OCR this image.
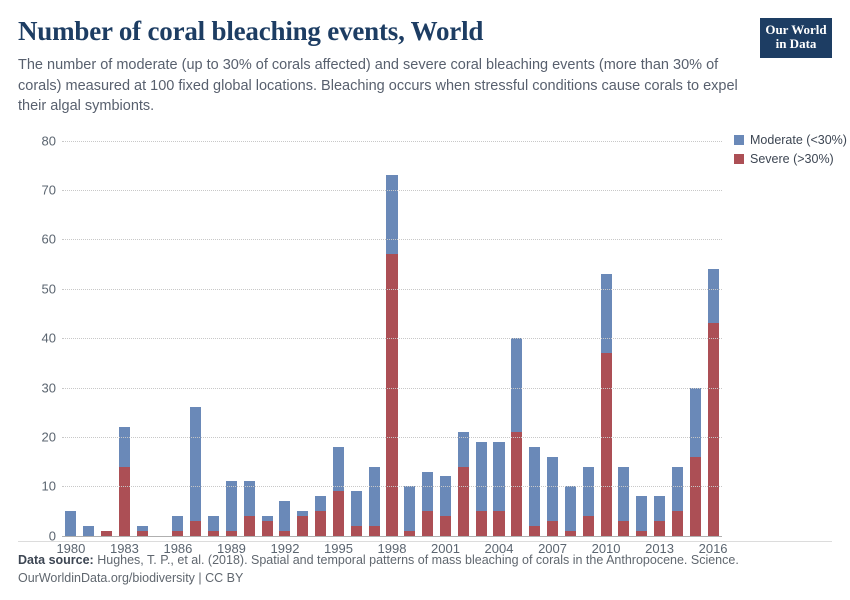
Number of coral bleaching events, World

The number of moderate (up to 30% of corals affected) and severe coral bleaching events (more than 30% of corals) measured at 100 fixed global locations. Bleaching occurs when stressful conditions cause corals to expel their algal symbionts.

Our World
in Data
0
10
20
30
40
50
60
70
80
1980 1983 1986 1989 1992 1995 1998 2001 2004 2007 2010 2013 2016
Moderate (<30%)
Severe (>30%)
Data source: Hughes, T. P., et al. (2018). Spatial and temporal patterns of mass bleaching of corals in the Anthropocene. Science.
OurWorldinData.org/biodiversity | CC BY
